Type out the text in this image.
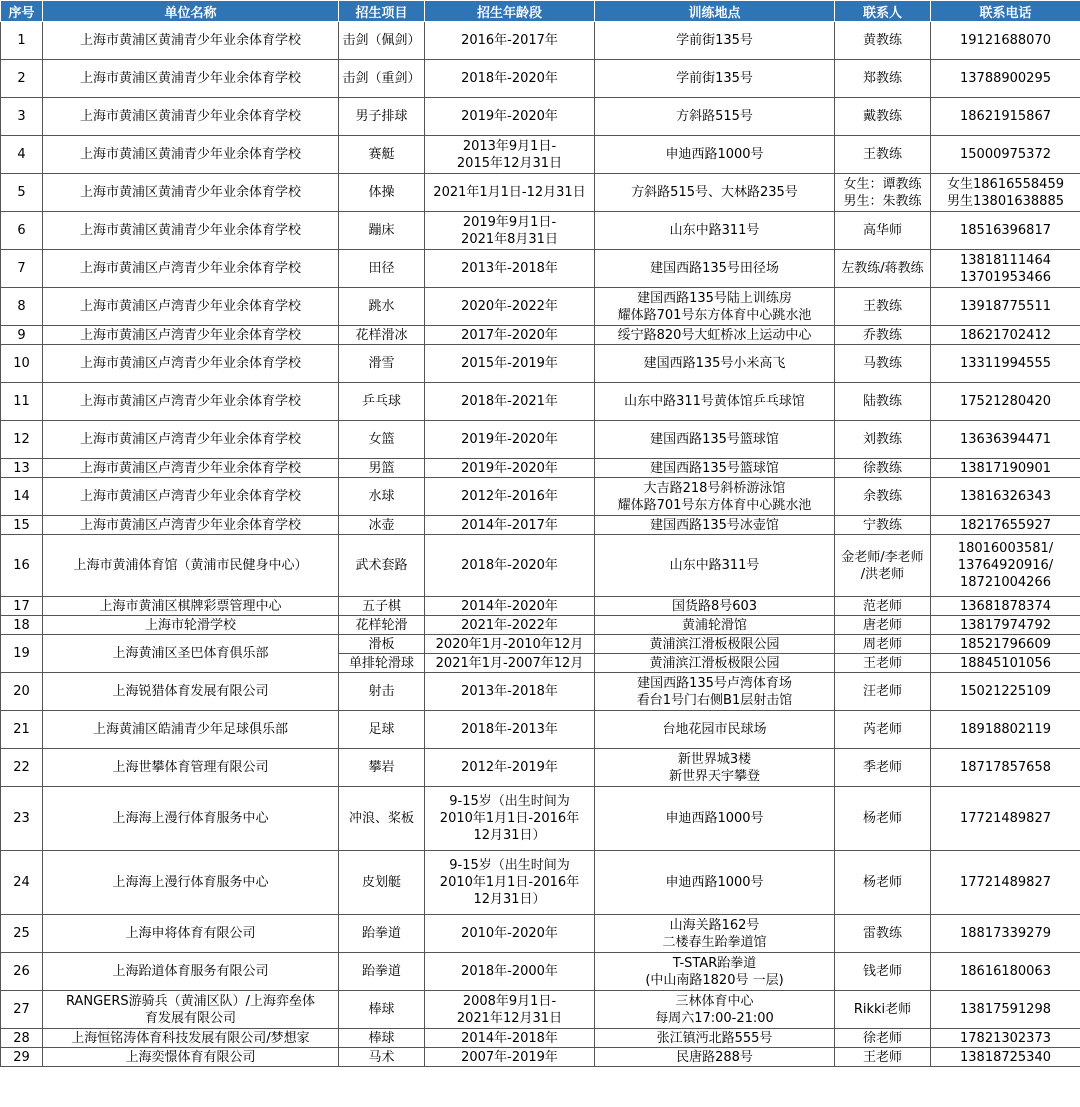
序号	单位名称	招生项目	招生年龄段	训练地点	联系人	联系电话
1	上海市黄浦区黄浦青少年业余体育学校	击剑（佩剑）	2016年-2017年	学前街135号	黄教练	19121688070
2	上海市黄浦区黄浦青少年业余体育学校	击剑（重剑）	2018年-2020年	学前街135号	郑教练	13788900295
3	上海市黄浦区黄浦青少年业余体育学校	男子排球	2019年-2020年	方斜路515号	戴教练	18621915867
4	上海市黄浦区黄浦青少年业余体育学校	赛艇	2013年9月1日-
2015年12月31日	申迪西路1000号	王教练	15000975372
5	上海市黄浦区黄浦青少年业余体育学校	体操	2021年1月1日-12月31日	方斜路515号、大林路235号	女生：谭教练
男生：朱教练	女生18616558459
男生13801638885
6	上海市黄浦区黄浦青少年业余体育学校	蹦床	2019年9月1日-
2021年8月31日	山东中路311号	高华师	18516396817
7	上海市黄浦区卢湾青少年业余体育学校	田径	2013年-2018年	建国西路135号田径场	左教练/蒋教练	13818111464
13701953466
8	上海市黄浦区卢湾青少年业余体育学校	跳水	2020年-2022年	建国西路135号陆上训练房
耀体路701号东方体育中心跳水池	王教练	13918775511
9	上海市黄浦区卢湾青少年业余体育学校	花样滑冰	2017年-2020年	绥宁路820号大虹桥冰上运动中心	乔教练	18621702412
10	上海市黄浦区卢湾青少年业余体育学校	滑雪	2015年-2019年	建国西路135号小米高飞	马教练	13311994555
11	上海市黄浦区卢湾青少年业余体育学校	乒乓球	2018年-2021年	山东中路311号黄体馆乒乓球馆	陆教练	17521280420
12	上海市黄浦区卢湾青少年业余体育学校	女篮	2019年-2020年	建国西路135号篮球馆	刘教练	13636394471
13	上海市黄浦区卢湾青少年业余体育学校	男篮	2019年-2020年	建国西路135号篮球馆	徐教练	13817190901
14	上海市黄浦区卢湾青少年业余体育学校	水球	2012年-2016年	大吉路218号斜桥游泳馆
耀体路701号东方体育中心跳水池	余教练	13816326343
15	上海市黄浦区卢湾青少年业余体育学校	冰壶	2014年-2017年	建国西路135号冰壶馆	宁教练	18217655927
16	上海市黄浦体育馆（黄浦市民健身中心）	武术套路	2018年-2020年	山东中路311号	金老师/李老师
/洪老师	18016003581/
13764920916/
18721004266
17	上海市黄浦区棋牌彩票管理中心	五子棋	2014年-2020年	国货路8号603	范老师	13681878374
18	上海市轮滑学校	花样轮滑	2021年-2022年	黄浦轮滑馆	唐老师	13817974792
19	上海黄浦区圣巴体育俱乐部	滑板	2020年1月-2010年12月	黄浦滨江滑板极限公园	周老师	18521796609
		单排轮滑球	2021年1月-2007年12月	黄浦滨江滑板极限公园	王老师	18845101056
20	上海锐猎体育发展有限公司	射击	2013年-2018年	建国西路135号卢湾体育场
看台1号门右侧B1层射击馆	汪老师	15021225109
21	上海黄浦区皓浦青少年足球俱乐部	足球	2018年-2013年	台地花园市民球场	芮老师	18918802119
22	上海世攀体育管理有限公司	攀岩	2012年-2019年	新世界城3楼
新世界天宇攀登	季老师	18717857658
23	上海海上漫行体育服务中心	冲浪、桨板	9-15岁（出生时间为
2010年1月1日-2016年
12月31日）	申迪西路1000号	杨老师	17721489827
24	上海海上漫行体育服务中心	皮划艇	9-15岁（出生时间为
2010年1月1日-2016年
12月31日）	申迪西路1000号	杨老师	17721489827
25	上海申将体育有限公司	跆拳道	2010年-2020年	山海关路162号
二楼春生跆拳道馆	雷教练	18817339279
26	上海跆道体育服务有限公司	跆拳道	2018年-2000年	T-STAR跆拳道
(中山南路1820号 一层)	钱老师	18616180063
27	RANGERS游骑兵（黄浦区队）/上海弈垒体
育发展有限公司	棒球	2008年9月1日-
2021年12月31日	三林体育中心
每周六17:00-21:00	Rikki老师	13817591298
28	上海恒铭涛体育科技发展有限公司/梦想家	棒球	2014年-2018年	张江镇沔北路555号	徐老师	17821302373
29	上海奕憬体育有限公司	马术	2007年-2019年	民唐路288号	王老师	13818725340
